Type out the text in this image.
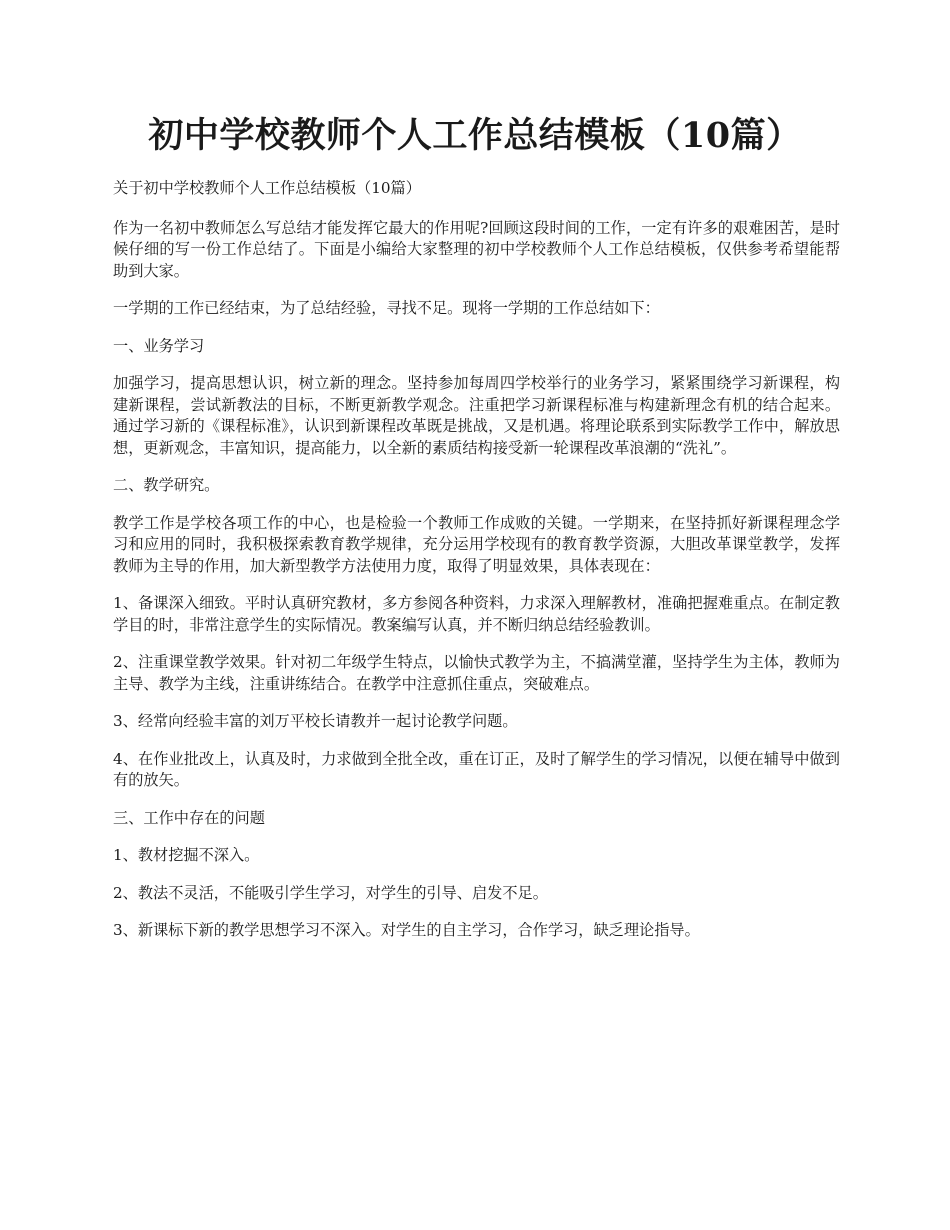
初中学校教师个人工作总结模板（10篇）

关于初中学校教师个人工作总结模板（10篇）

作为一名初中教师怎么写总结才能发挥它最大的作用呢?回顾这段时间的工作，一定有许多的艰难困苦，是时候仔细的写一份工作总结了。下面是小编给大家整理的初中学校教师个人工作总结模板，仅供参考希望能帮助到大家。

一学期的工作已经结束，为了总结经验，寻找不足。现将一学期的工作总结如下：

一、业务学习

加强学习，提高思想认识，树立新的理念。坚持参加每周四学校举行的业务学习，紧紧围绕学习新课程，构建新课程，尝试新教法的目标，不断更新教学观念。注重把学习新课程标准与构建新理念有机的结合起来。通过学习新的《课程标准》，认识到新课程改革既是挑战，又是机遇。将理论联系到实际教学工作中，解放思想，更新观念，丰富知识，提高能力，以全新的素质结构接受新一轮课程改革浪潮的“洗礼”。

二、教学研究。

教学工作是学校各项工作的中心，也是检验一个教师工作成败的关键。一学期来，在坚持抓好新课程理念学习和应用的同时，我积极探索教育教学规律，充分运用学校现有的教育教学资源，大胆改革课堂教学，发挥教师为主导的作用，加大新型教学方法使用力度，取得了明显效果，具体表现在：

1、备课深入细致。平时认真研究教材，多方参阅各种资料，力求深入理解教材，准确把握难重点。在制定教学目的时，非常注意学生的实际情况。教案编写认真，并不断归纳总结经验教训。

2、注重课堂教学效果。针对初二年级学生特点，以愉快式教学为主，不搞满堂灌，坚持学生为主体，教师为主导、教学为主线，注重讲练结合。在教学中注意抓住重点，突破难点。

3、经常向经验丰富的刘万平校长请教并一起讨论教学问题。

4、在作业批改上，认真及时，力求做到全批全改，重在订正，及时了解学生的学习情况，以便在辅导中做到有的放矢。

三、工作中存在的问题

1、教材挖掘不深入。

2、教法不灵活，不能吸引学生学习，对学生的引导、启发不足。

3、新课标下新的教学思想学习不深入。对学生的自主学习，合作学习，缺乏理论指导。
